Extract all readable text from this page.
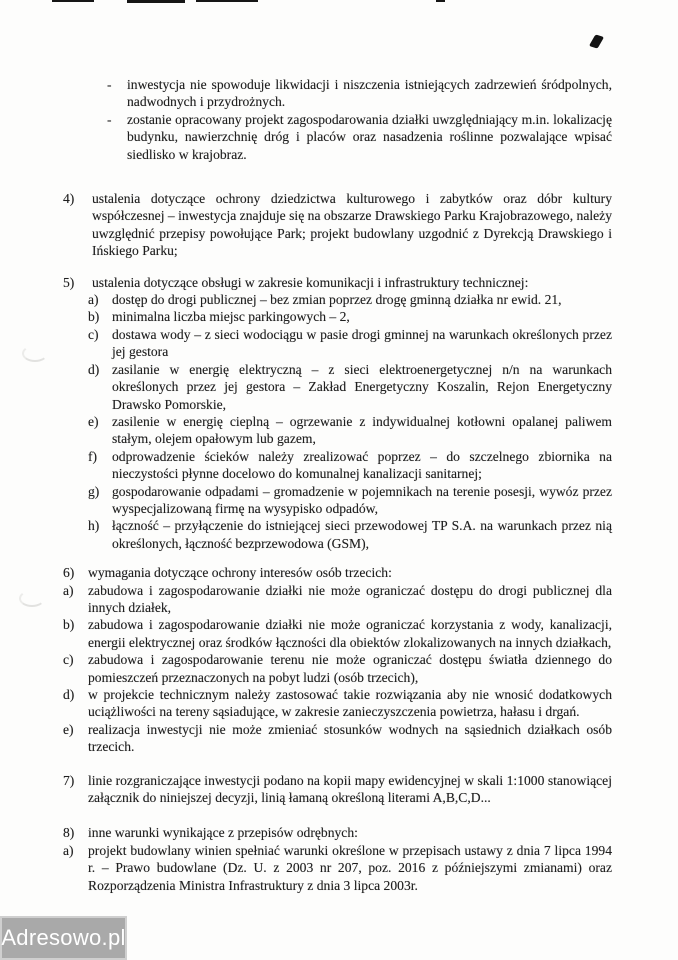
-	inwestycja nie spowoduje likwidacji i niszczenia istniejących zadrzewień śródpolnych, nadwodnych i przydrożnych.
-	zostanie opracowany projekt zagospodarowania działki uwzględniający m.in. lokalizację budynku, nawierzchnię dróg i placów oraz nasadzenia roślinne pozwalające wpisać siedlisko w krajobraz.
4)	ustalenia dotyczące ochrony dziedzictwa kulturowego i zabytków oraz dóbr kultury współczesnej – inwestycja znajduje się na obszarze Drawskiego Parku Krajobrazowego, należy uwzględnić przepisy powołujące Park; projekt budowlany uzgodnić z Dyrekcją Drawskiego i Ińskiego Parku;
5)	ustalenia dotyczące obsługi w zakresie komunikacji i infrastruktury technicznej:
a) dostęp do drogi publicznej – bez zmian poprzez drogę gminną działka nr ewid. 21,
b) minimalna liczba miejsc parkingowych – 2,
c) dostawa wody – z sieci wodociągu w pasie drogi gminnej na warunkach określonych przez jej gestora
d) zasilanie w energię elektryczną – z sieci elektroenergetycznej n/n na warunkach określonych przez jej gestora – Zakład Energetyczny Koszalin, Rejon Energetyczny Drawsko Pomorskie,
e) zasilenie w energię cieplną – ogrzewanie z indywidualnej kotłowni opalanej paliwem stałym, olejem opałowym lub gazem,
f)	odprowadzenie ścieków należy zrealizować poprzez – do szczelnego zbiornika na nieczystości płynne docelowo do komunalnej kanalizacji sanitarnej;
g) gospodarowanie odpadami – gromadzenie w pojemnikach na terenie posesji, wywóz przez wyspecjalizowaną firmę na wysypisko odpadów,
h) łączność – przyłączenie do istniejącej sieci przewodowej TP S.A. na warunkach przez nią określonych, łączność bezprzewodowa (GSM),
6)	wymagania dotyczące ochrony interesów osób trzecich:
a)	zabudowa i zagospodarowanie działki nie może ograniczać dostępu do drogi publicznej dla innych działek,
b)	zabudowa i zagospodarowanie działki nie może ograniczać korzystania z wody, kanalizacji, energii elektrycznej oraz środków łączności dla obiektów zlokalizowanych na innych działkach,
c)	zabudowa i zagospodarowanie terenu nie może ograniczać dostępu światła dziennego do pomieszczeń przeznaczonych na pobyt ludzi (osób trzecich),
d)	w projekcie technicznym należy zastosować takie rozwiązania aby nie wnosić dodatkowych uciążliwości na tereny sąsiadujące, w zakresie zanieczyszczenia powietrza, hałasu i drgań.
e)	realizacja inwestycji nie może zmieniać stosunków wodnych na sąsiednich działkach osób trzecich.
7)	linie rozgraniczające inwestycji podano na kopii mapy ewidencyjnej w skali 1:1000 stanowiącej załącznik do niniejszej decyzji, linią łamaną określoną literami A,B,C,D...
8)	inne warunki wynikające z przepisów odrębnych:
a)	projekt budowlany winien spełniać warunki określone w przepisach ustawy z dnia 7 lipca 1994 r. – Prawo budowlane (Dz. U. z 2003 nr 207, poz. 2016 z późniejszymi zmianami) oraz Rozporządzenia Ministra Infrastruktury z dnia 3 lipca 2003r.
Adresowo.pl
